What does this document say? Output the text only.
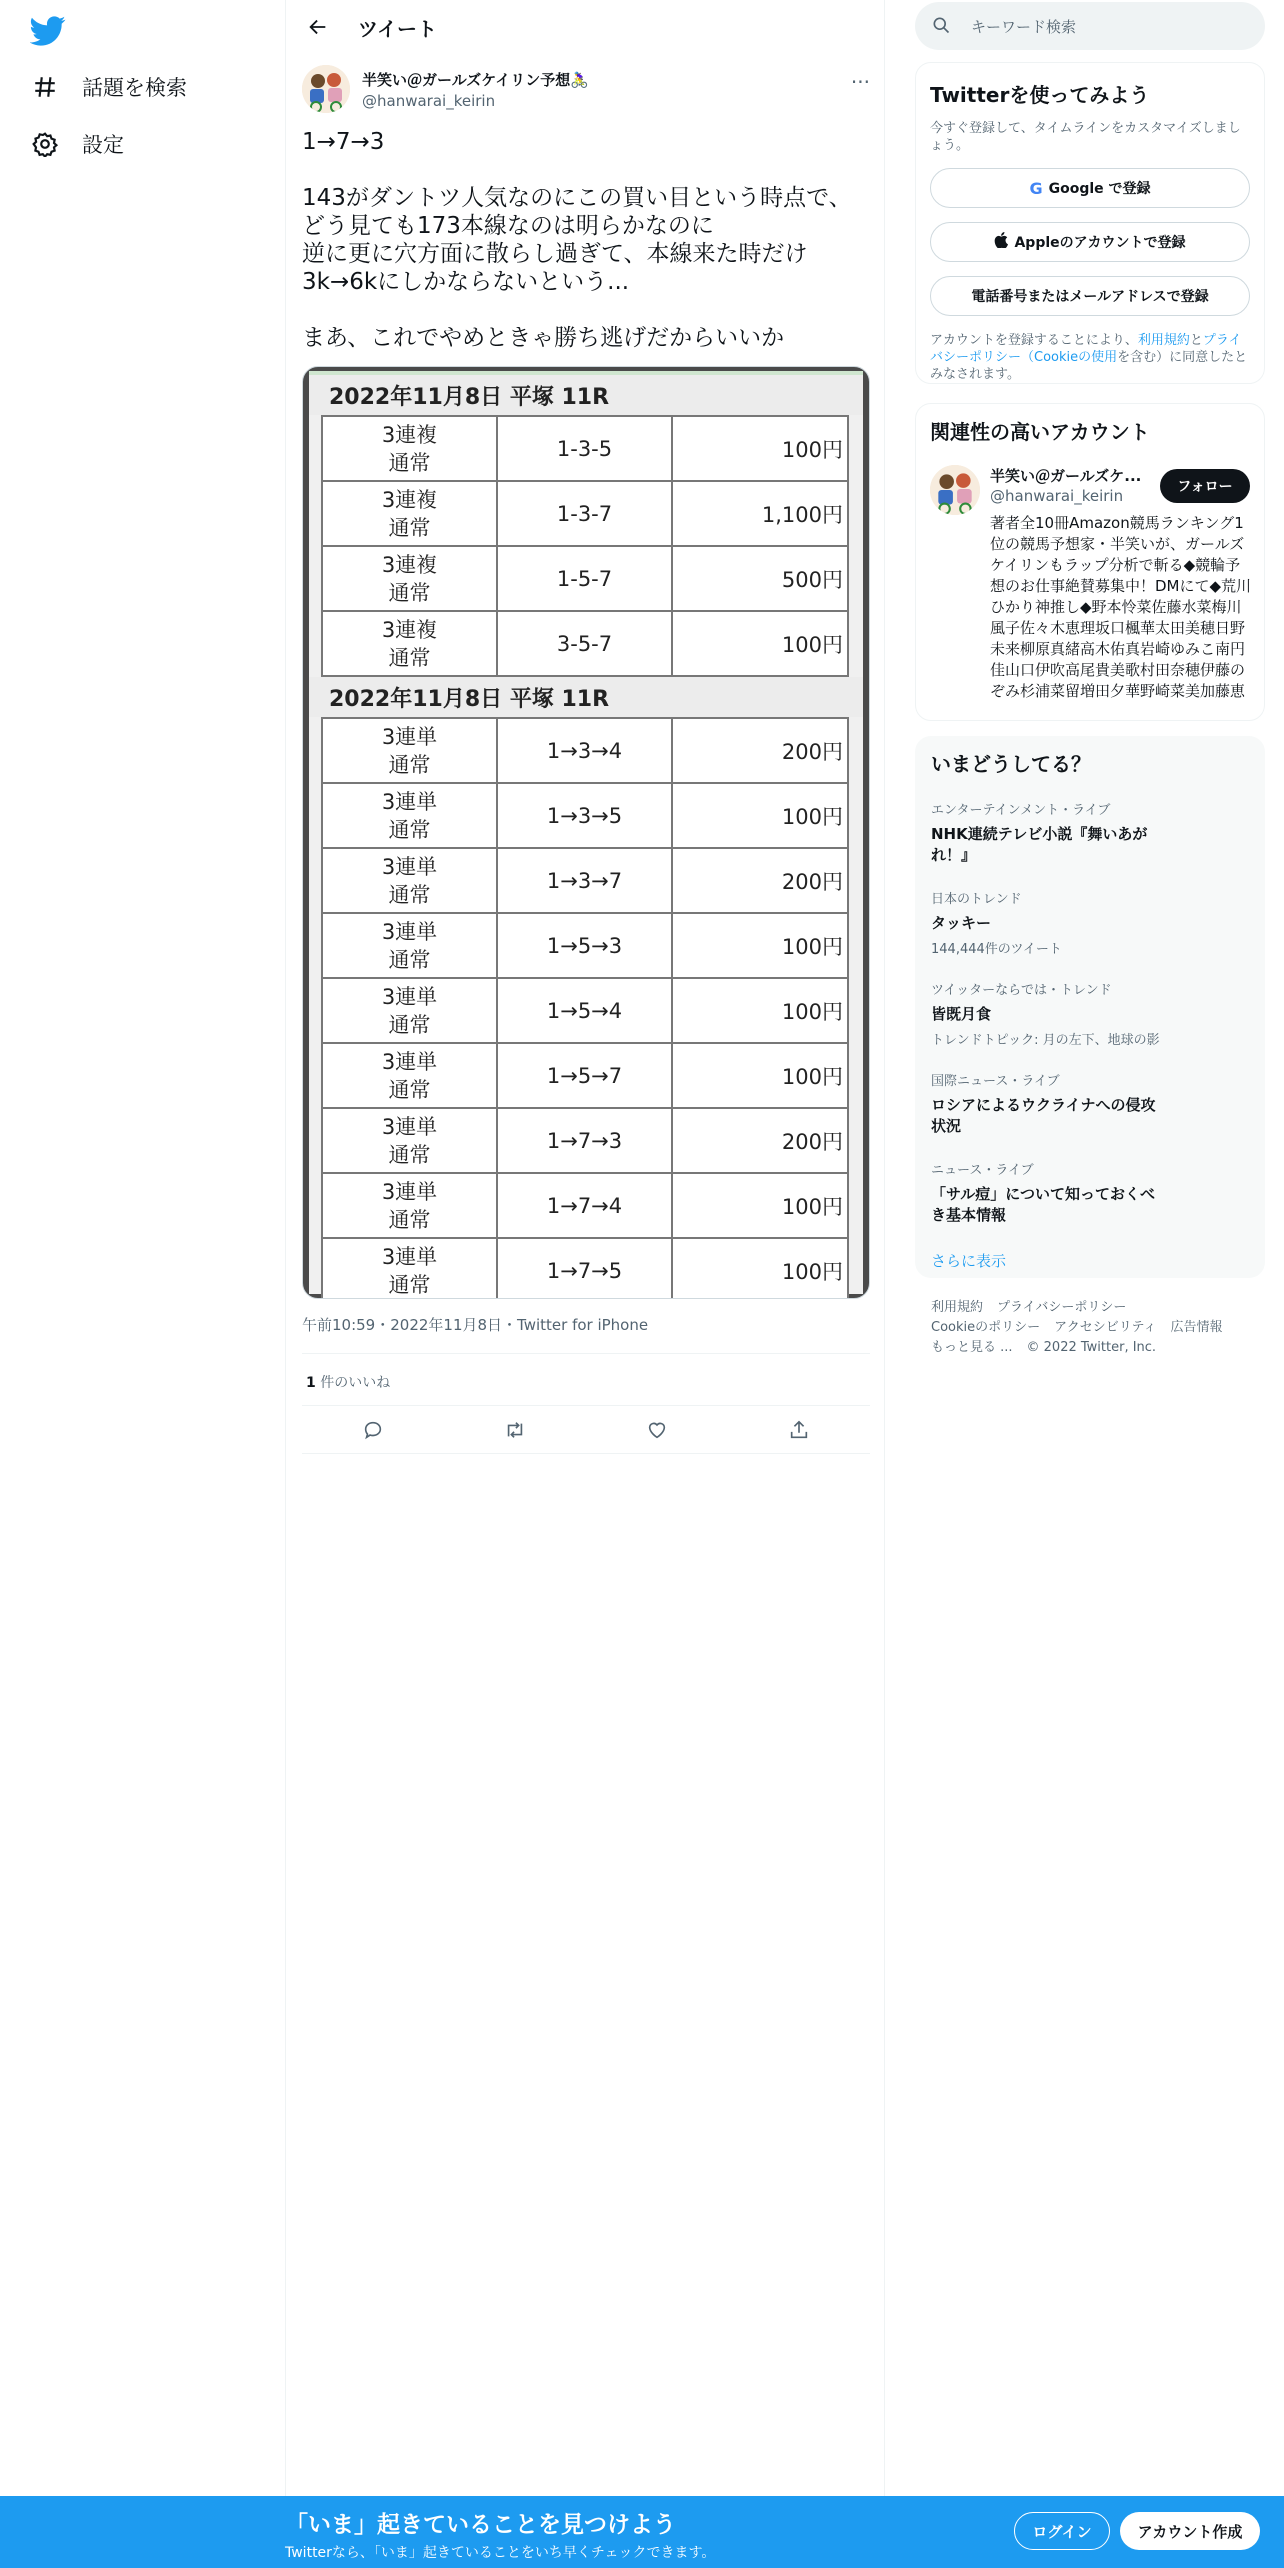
話題を検索
設定
ツイート
半笑い＠ガールズケイリン予想🚴‍♀️
@hanwarai_keirin
···
1→7→3

143がダントツ人気なのにこの買い目という時点で、
どう見ても173本線なのは明らかなのに
逆に更に穴方面に散らし過ぎて、本線来た時だけ
3k→6kにしかならないという...

まあ、これでやめときゃ勝ち逃げだからいいか
2022年11月8日 平塚 11R
3連複
通常	1-3-5	100円

3連複
通常	1-3-7	1,100円

3連複
通常	1-5-7	500円

3連複
通常	3-5-7	100円
2022年11月8日 平塚 11R
3連単
通常	1→3→4	200円

3連単
通常	1→3→5	100円

3連単
通常	1→3→7	200円

3連単
通常	1→5→3	100円

3連単
通常	1→5→4	100円

3連単
通常	1→5→7	100円

3連単
通常	1→7→3	200円

3連単
通常	1→7→4	100円

3連単
通常	1→7→5	100円
午前10:59・2022年11月8日・Twitter for iPhone
1 件のいいね
キーワード検索
Twitterを使ってみよう
今すぐ登録して、タイムラインをカスタマイズしましょう。
G Google で登録
Appleのアカウントで登録
電話番号またはメールアドレスで登録
アカウントを登録することにより、利用規約とプライバシーポリシー（Cookieの使用を含む）に同意したとみなされます。
関連性の高いアカウント
半笑い＠ガールズケ...
@hanwarai_keirin	フォロー
著者全10冊Amazon競馬ランキング1位の競馬予想家・半笑いが、ガールズケイリンもラップ分析で斬る◆競輪予想のお仕事絶賛募集中！DMにて◆荒川ひかり神推し◆野本怜菜佐藤水菜梅川風子佐々木恵理坂口楓華太田美穂日野未来柳原真緒高木佑真岩崎ゆみこ南円佳山口伊吹高尾貴美歌村田奈穂伊藤のぞみ杉浦菜留増田夕華野崎菜美加藤恵
いまどうしてる？
エンターテインメント・ライブ
NHK連続テレビ小説『舞いあがれ！』
日本のトレンド
タッキー
144,444件のツイート
ツイッターならでは・トレンド
皆既月食
トレンドトピック: 月の左下、地球の影
国際ニュース・ライブ
ロシアによるウクライナへの侵攻状況
ニュース・ライブ
「サル痘」について知っておくべき基本情報
さらに表示
利用規約 プライバシーポリシー
Cookieのポリシー アクセシビリティ 広告情報
もっと見る ... © 2022 Twitter, Inc.
「いま」起きていることを見つけよう
Twitterなら、「いま」起きていることをいち早くチェックできます。
ログイン	アカウント作成
